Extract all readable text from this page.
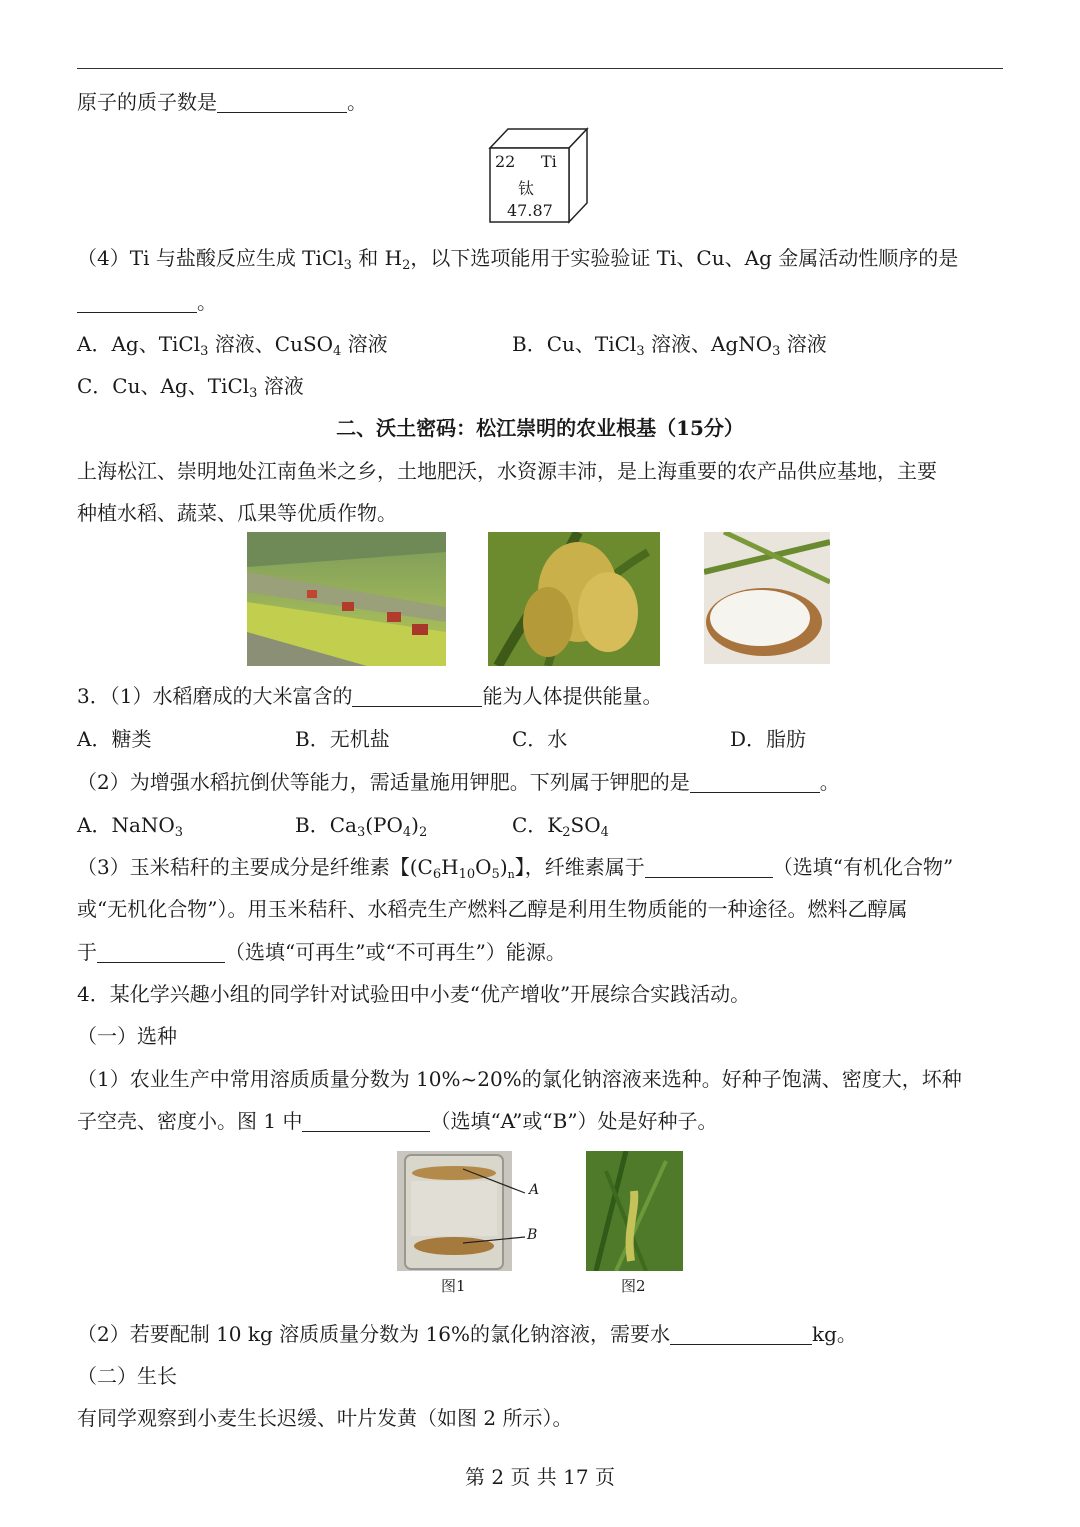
原子的质子数是	。
22 Ti
钛
47.87
（4）Ti 与盐酸反应生成 TiCl$_3$ 和 $H_2$，以下选项能用于实验验证 Ti、Cu、Ag 金属活动性顺序的是
。
A．Ag、TiCl$_3$ 溶液、CuSO$_4$ 溶液	B．Cu、TiCl$_3$ 溶液、AgNO$_3$ 溶液
C．Cu、Ag、TiCl$_3$ 溶液
二、沃土密码：松江崇明的农业根基（15分）
上海松江、崇明地处江南鱼米之乡，土地肥沃，水资源丰沛，是上海重要的农产品供应基地，主要
种植水稻、蔬菜、瓜果等优质作物。
3．（1）水稻磨成的大米富含的	能为人体提供能量。
A．糖类	B．无机盐	C．水	D．脂肪
（2）为增强水稻抗倒伏等能力，需适量施用钾肥。下列属于钾肥的是	。
A．NaNO$_3$	B．$Ca_3(PO_4)_2$	C．$K_2SO_4$
（3）玉米秸秆的主要成分是纤维素【$(C_6H_{10}O_5)_n$】，纤维素属于	（选填“有机化合物”
或“无机化合物”）。用玉米秸秆、水稻壳生产燃料乙醇是利用生物质能的一种途径。燃料乙醇属
于	（选填“可再生”或“不可再生”）能源。
4．某化学兴趣小组的同学针对试验田中小麦“优产增收”开展综合实践活动。
（一）选种
（1）农业生产中常用溶质质量分数为 10%~20%的氯化钠溶液来选种。好种子饱满、密度大，坏种
子空壳、密度小。图 1 中	（选填“A”或“B”）处是好种子。
A
B
图1	图2
（2）若要配制 10 kg 溶质质量分数为 16%的氯化钠溶液，需要水	kg。
（二）生长
有同学观察到小麦生长迟缓、叶片发黄（如图 2 所示）。
第 2 页 共 17 页
